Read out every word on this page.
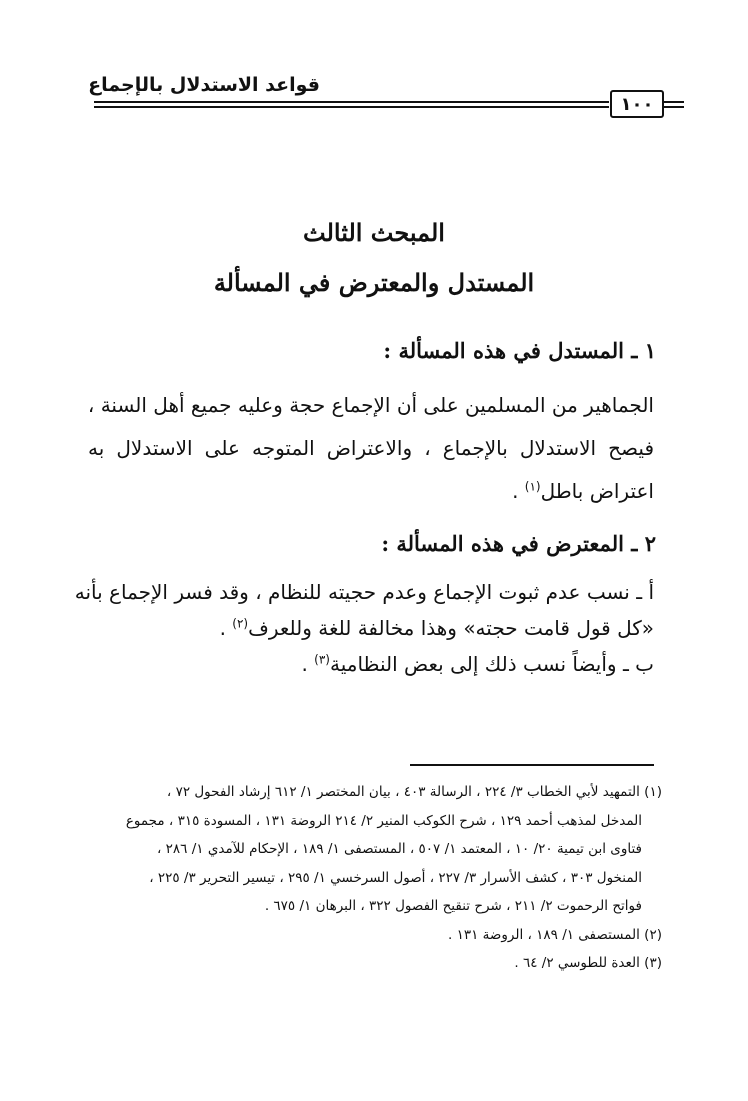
قواعد الاستدلال بالإجماع
١٠٠
المبحث الثالث
المستدل والمعترض في المسألة
١ ـ المستدل في هذه المسألة :
الجماهير من المسلمين على أن الإجماع حجة وعليه جميع أهل السنة ،
فيصح الاستدلال بالإجماع ، والاعتراض المتوجه على الاستدلال به
اعتراض باطل$^{(١)}$ .
٢ ـ المعترض في هذه المسألة :
أ ـ نسب عدم ثبوت الإجماع وعدم حجيته للنظام ، وقد فسر الإجماع بأنه
«كل قول قامت حجته» وهذا مخالفة للغة وللعرف$^{(٢)}$ .
ب ـ وأيضاً نسب ذلك إلى بعض النظامية$^{(٣)}$ .
(١) التمهيد لأبي الخطاب ٣/ ٢٢٤ ، الرسالة ٤٠٣ ، بيان المختصر ١/ ٦١٢ إرشاد الفحول ٧٢ ،
المدخل لمذهب أحمد ١٢٩ ، شرح الكوكب المنير ٢/ ٢١٤ الروضة ١٣١ ، المسودة ٣١٥ ، مجموع
فتاوى ابن تيمية ٢٠/ ١٠ ، المعتمد ١/ ٥٠٧ ، المستصفى ١/ ١٨٩ ، الإحكام للآمدي ١/ ٢٨٦ ،
المنخول ٣٠٣ ، كشف الأسرار ٣/ ٢٢٧ ، أصول السرخسي ١/ ٢٩٥ ، تيسير التحرير ٣/ ٢٢٥ ،
فواتح الرحموت ٢/ ٢١١ ، شرح تنقيح الفصول ٣٢٢ ، البرهان ١/ ٦٧٥ .
(٢) المستصفى ١/ ١٨٩ ، الروضة ١٣١ .
(٣) العدة للطوسي ٢/ ٦٤ .
